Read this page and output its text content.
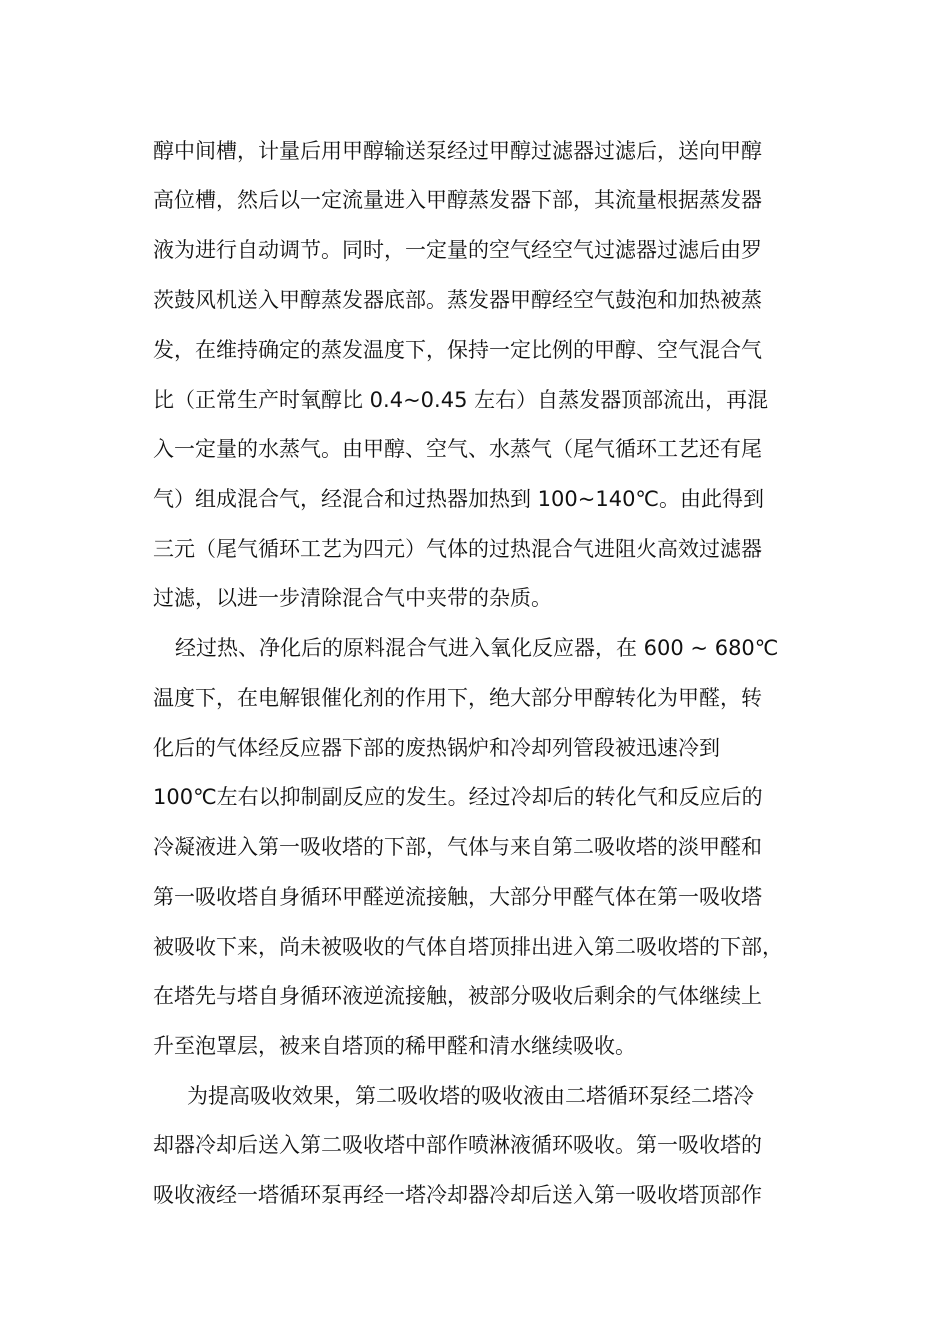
醇中间槽，计量后用甲醇输送泵经过甲醇过滤器过滤后，送向甲醇
高位槽，然后以一定流量进入甲醇蒸发器下部，其流量根据蒸发器
液为进行自动调节。同时，一定量的空气经空气过滤器过滤后由罗
茨鼓风机送入甲醇蒸发器底部。蒸发器甲醇经空气鼓泡和加热被蒸
发，在维持确定的蒸发温度下，保持一定比例的甲醇、空气混合气
比（正常生产时氧醇比 0.4~0.45 左右）自蒸发器顶部流出，再混
入一定量的水蒸气。由甲醇、空气、水蒸气（尾气循环工艺还有尾
气）组成混合气，经混合和过热器加热到 100~140℃。由此得到
三元（尾气循环工艺为四元）气体的过热混合气进阻火高效过滤器
过滤，以进一步清除混合气中夹带的杂质。
经过热、净化后的原料混合气进入氧化反应器，在 600 ~ 680℃
温度下，在电解银催化剂的作用下，绝大部分甲醇转化为甲醛，转
化后的气体经反应器下部的废热锅炉和冷却列管段被迅速冷到
100℃左右以抑制副反应的发生。经过冷却后的转化气和反应后的
冷凝液进入第一吸收塔的下部，气体与来自第二吸收塔的淡甲醛和
第一吸收塔自身循环甲醛逆流接触，大部分甲醛气体在第一吸收塔
被吸收下来，尚未被吸收的气体自塔顶排出进入第二吸收塔的下部，
在塔先与塔自身循环液逆流接触，被部分吸收后剩余的气体继续上
升至泡罩层，被来自塔顶的稀甲醛和清水继续吸收。
为提高吸收效果，第二吸收塔的吸收液由二塔循环泵经二塔冷
却器冷却后送入第二吸收塔中部作喷淋液循环吸收。第一吸收塔的
吸收液经一塔循环泵再经一塔冷却器冷却后送入第一吸收塔顶部作
